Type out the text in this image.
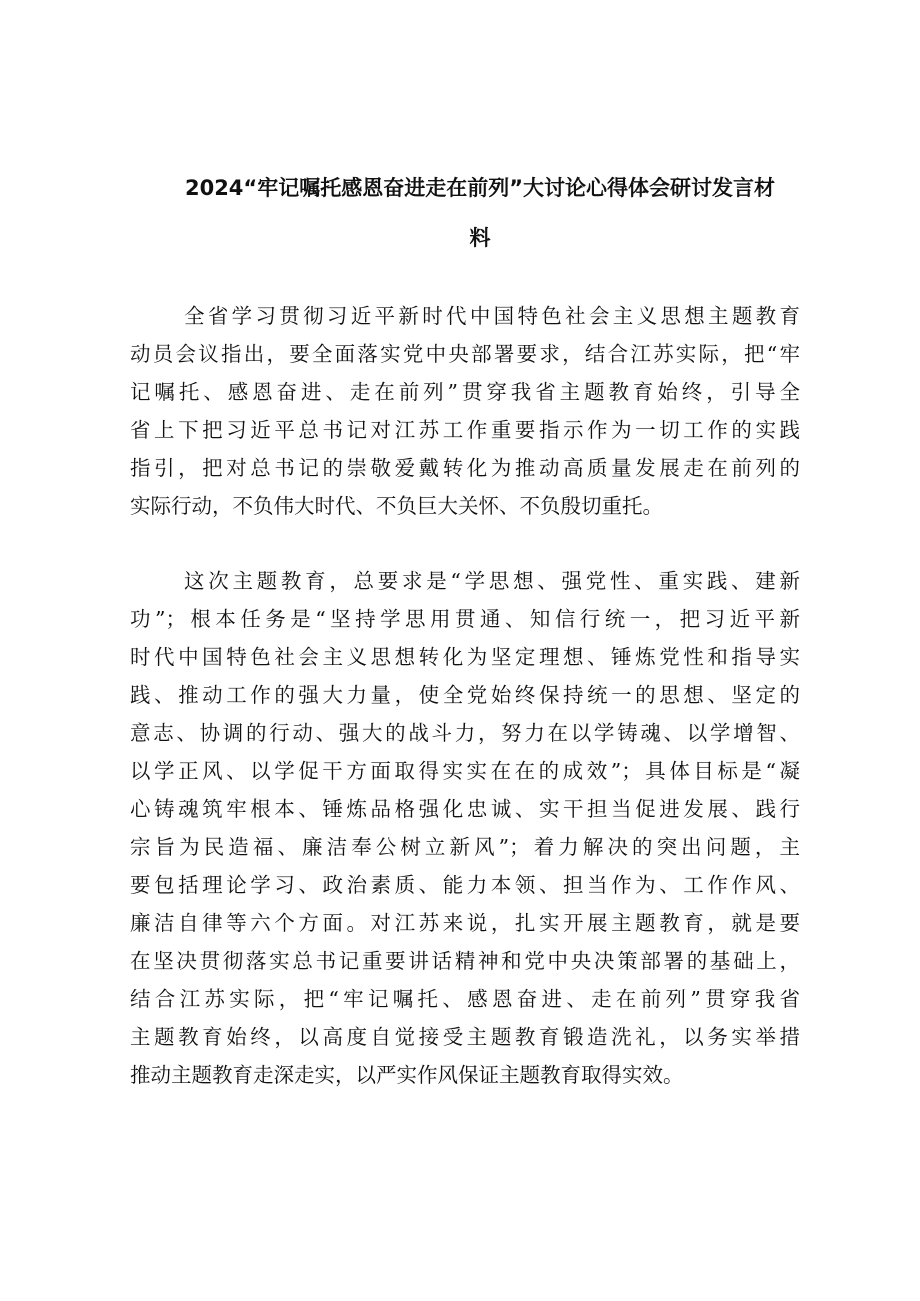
2024“牢记嘱托感恩奋进走在前列”大讨论心得体会研讨发言材
料
全省学习贯彻习近平新时代中国特色社会主义思想主题教育
动员会议指出，要全面落实党中央部署要求，结合江苏实际，把“牢
记嘱托、感恩奋进、走在前列”贯穿我省主题教育始终，引导全
省上下把习近平总书记对江苏工作重要指示作为一切工作的实践
指引，把对总书记的崇敬爱戴转化为推动高质量发展走在前列的
实际行动，不负伟大时代、不负巨大关怀、不负殷切重托。
这次主题教育，总要求是“学思想、强党性、重实践、建新
功”；根本任务是“坚持学思用贯通、知信行统一，把习近平新
时代中国特色社会主义思想转化为坚定理想、锤炼党性和指导实
践、推动工作的强大力量，使全党始终保持统一的思想、坚定的
意志、协调的行动、强大的战斗力，努力在以学铸魂、以学增智、
以学正风、以学促干方面取得实实在在的成效”；具体目标是“凝
心铸魂筑牢根本、锤炼品格强化忠诚、实干担当促进发展、践行
宗旨为民造福、廉洁奉公树立新风”；着力解决的突出问题，主
要包括理论学习、政治素质、能力本领、担当作为、工作作风、
廉洁自律等六个方面。对江苏来说，扎实开展主题教育，就是要
在坚决贯彻落实总书记重要讲话精神和党中央决策部署的基础上，
结合江苏实际，把“牢记嘱托、感恩奋进、走在前列”贯穿我省
主题教育始终，以高度自觉接受主题教育锻造洗礼，以务实举措
推动主题教育走深走实，以严实作风保证主题教育取得实效。
